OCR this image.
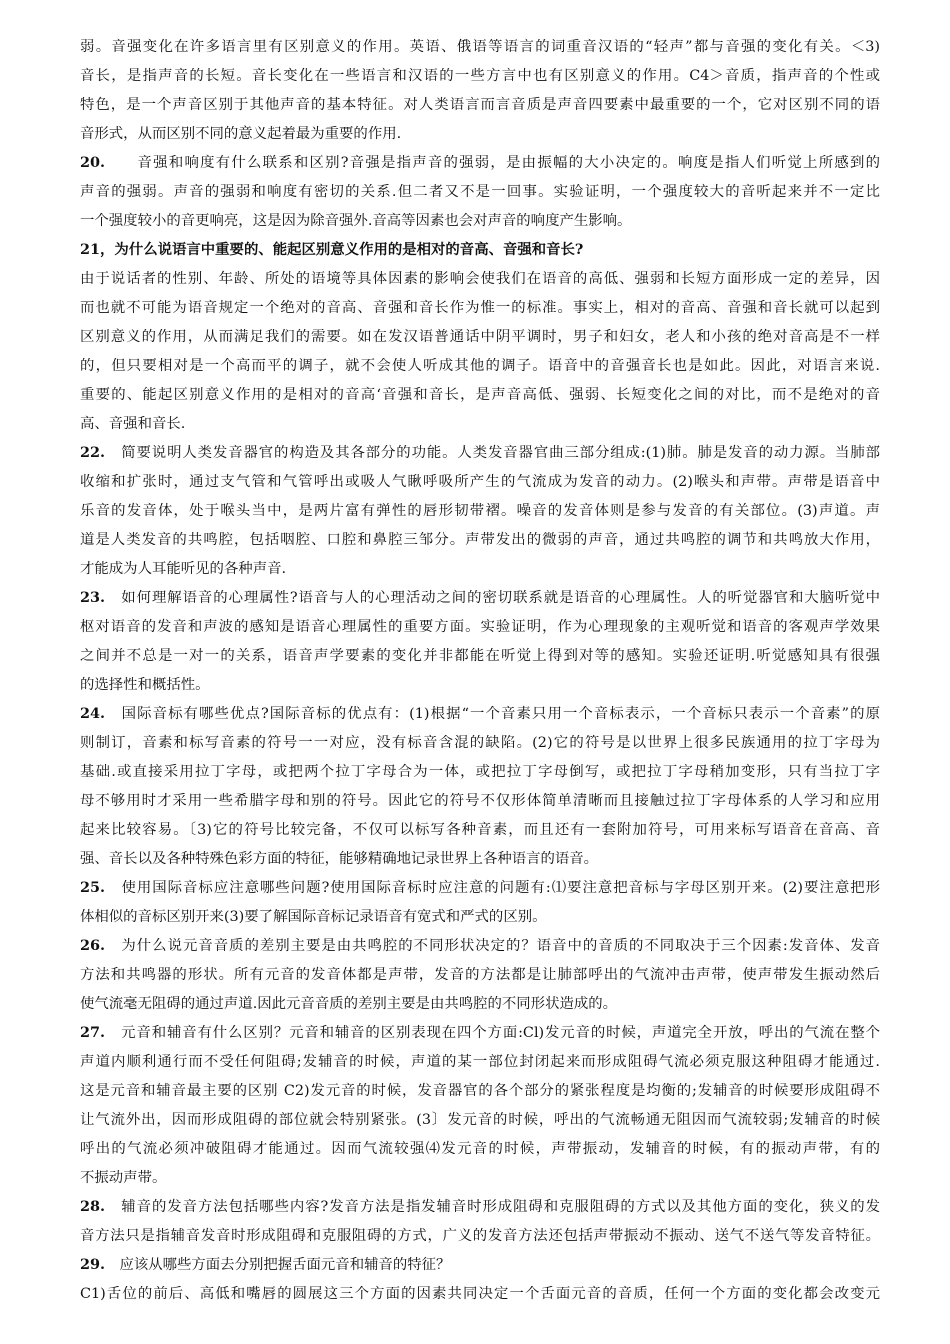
弱。音强变化在许多语言里有区别意义的作用。英语、俄语等语言的词重音汉语的“轻声”都与音强的变化有关。＜3)
音长，是指声音的长短。音长变化在一些语言和汉语的一些方言中也有区别意义的作用。C4＞音质，指声音的个性或
特色，是一个声音区别于其他声音的基本特征。对人类语言而言音质是声音四要素中最重要的一个，它对区别不同的语
音形式，从而区别不同的意义起着最为重要的作用.
20.　　音强和响度有什么联系和区别?音强是指声音的强弱，是由振幅的大小决定的。响度是指人们听觉上所感到的
声音的强弱。声音的强弱和响度有密切的关系.但二者又不是一回事。实验证明，一个强度较大的音听起来并不一定比
一个强度较小的音更响亮，这是因为除音强外.音高等因素也会对声音的响度产生影响。
21，为什么说语言中重要的、能起区别意义作用的是相对的音高、音强和音长?
由于说话者的性别、年龄、所处的语境等具体因素的影响会使我们在语音的高低、强弱和长短方面形成一定的差异，因
而也就不可能为语音规定一个绝对的音高、音强和音长作为惟一的标准。事实上，相对的音高、音强和音长就可以起到
区别意义的作用，从而满足我们的需要。如在发汉语普通话中阴平调时，男子和妇女，老人和小孩的绝对音高是不一样
的，但只要相对是一个高而平的调子，就不会使人听成其他的调子。语音中的音强音长也是如此。因此，对语言来说.
重要的、能起区别意义作用的是相对的音高‘音强和音长，是声音高低、强弱、长短变化之间的对比，而不是绝对的音
高、音强和音长.
22.　简要说明人类发音器官的构造及其各部分的功能。人类发音器官曲三部分组成:(1)肺。肺是发音的动力源。当肺部
收缩和扩张时，通过支气管和气管呼出或吸人气瞅呼吸所产生的气流成为发音的动力。(2)喉头和声带。声带是语音中
乐音的发音体，处于喉头当中，是两片富有弹性的唇形韧带褶。噪音的发音体则是参与发音的有关部位。(3)声道。声
道是人类发音的共鸣腔，包括咽腔、口腔和鼻腔三邹分。声带发出的微弱的声音，通过共鸣腔的调节和共鸣放大作用，
才能成为人耳能听见的各种声音.
23.　如何理解语音的心理属性?语音与人的心理活动之间的密切联系就是语音的心理属性。人的听觉器官和大脑听觉中
枢对语音的发音和声波的感知是语音心理属性的重要方面。实验证明，作为心理现象的主观听觉和语音的客观声学效果
之间并不总是一对一的关系，语音声学要素的变化并非都能在听觉上得到对等的感知。实验还证明.听觉感知具有很强
的选择性和概括性。
24.　国际音标有哪些优点?国际音标的优点有：(1)根据“一个音素只用一个音标表示，一个音标只表示一个音素”的原
则制订，音素和标写音素的符号一一对应，没有标音含混的缺陷。(2)它的符号是以世界上很多民族通用的拉丁字母为
基础.或直接采用拉丁字母，或把两个拉丁字母合为一体，或把拉丁字母倒写，或把拉丁字母稍加变形，只有当拉丁字
母不够用时才采用一些希腊字母和别的符号。因此它的符号不仅形体简单清晰而且接触过拉丁字母体系的人学习和应用
起来比较容易。〔3)它的符号比较完备，不仅可以标写各种音素，而且还有一套附加符号，可用来标写语音在音高、音
强、音长以及各种特殊色彩方面的特征，能够精确地记录世界上各种语言的语音。
25.　使用国际音标应注意哪些问题?使用国际音标时应注意的问题有:⑴要注意把音标与字母区别开来。(2)要注意把形
体相似的音标区别开来(3)要了解国际音标记录语音有宽式和严式的区别。
26.　为什么说元音音质的差别主要是由共鸣腔的不同形状决定的？语音中的音质的不同取决于三个因素:发音体、发音
方法和共鸣器的形状。所有元音的发音体都是声带，发音的方法都是让肺部呼出的气流冲击声带，使声带发生振动然后
使气流毫无阻碍的通过声道.因此元音音质的差别主要是由共鸣腔的不同形状造成的。
27.　元音和辅音有什么区别？元音和辅音的区别表现在四个方面:Cl)发元音的时候，声道完全开放，呼出的气流在整个
声道内顺利通行而不受任何阻碍;发辅音的时候，声道的某一部位封闭起来而形成阻碍气流必须克服这种阻碍才能通过.
这是元音和辅音最主要的区别 C2)发元音的时候，发音器官的各个部分的紧张程度是均衡的;发辅音的时候要形成阻碍不
让气流外出，因而形成阻碍的部位就会特别紧张。(3〕发元音的时候，呼出的气流畅通无阻因而气流较弱;发辅音的时候
呼出的气流必须冲破阻碍才能通过。因而气流较强⑷发元音的时候，声带振动，发辅音的时候，有的振动声带，有的
不振动声带。
28.　辅音的发音方法包括哪些内容?发音方法是指发辅音时形成阻碍和克服阻碍的方式以及其他方面的变化，狭义的发
音方法只是指辅音发音时形成阻碍和克服阻碍的方式，广义的发音方法还包括声带振动不振动、送气不送气等发音特征。
29.　应该从哪些方面去分别把握舌面元音和辅音的特征？
C1)舌位的前后、高低和嘴唇的圆展这三个方面的因素共同决定一个舌面元音的音质，任何一个方面的变化都会改变元
